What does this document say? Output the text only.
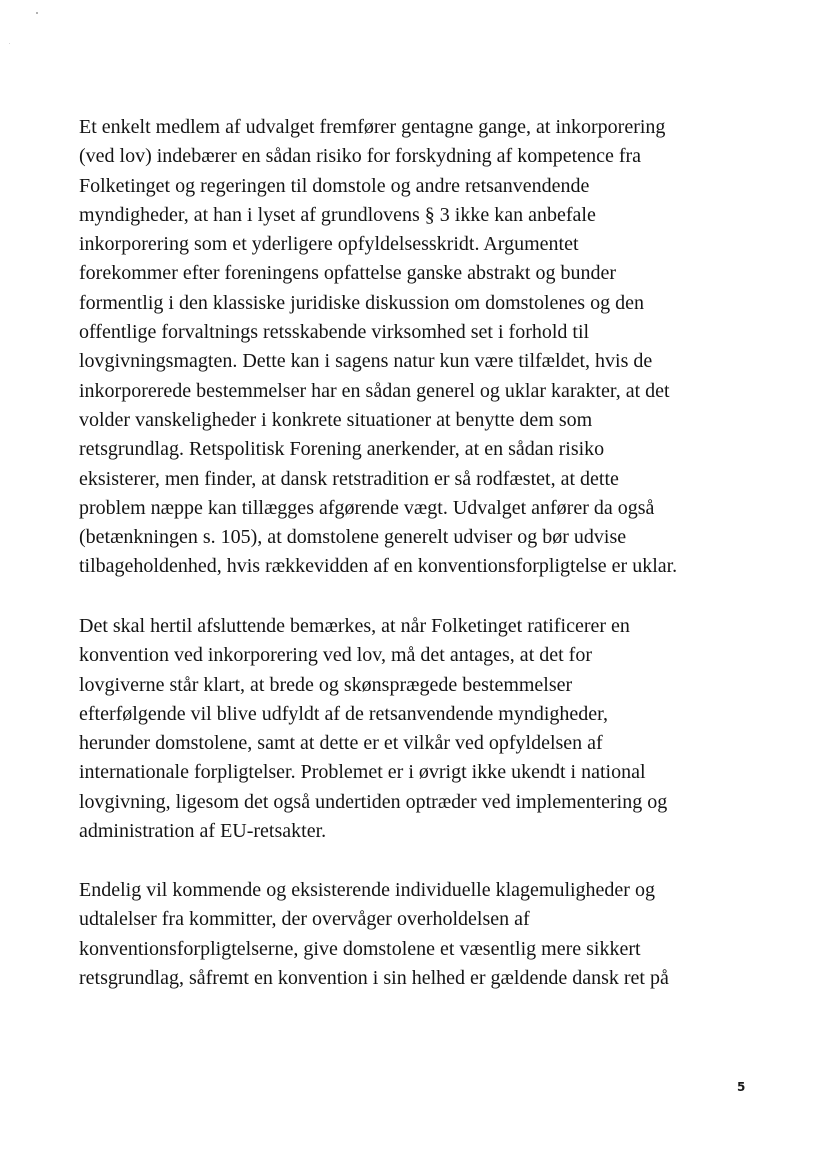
Et enkelt medlem af udvalget fremfører gentagne gange, at inkorporering
(ved lov) indebærer en sådan risiko for forskydning af kompetence fra
Folketinget og regeringen til domstole og andre retsanvendende
myndigheder, at han i lyset af grundlovens § 3 ikke kan anbefale
inkorporering som et yderligere opfyldelsesskridt. Argumentet
forekommer efter foreningens opfattelse ganske abstrakt og bunder
formentlig i den klassiske juridiske diskussion om domstolenes og den
offentlige forvaltnings retsskabende virksomhed set i forhold til
lovgivningsmagten. Dette kan i sagens natur kun være tilfældet, hvis de
inkorporerede bestemmelser har en sådan generel og uklar karakter, at det
volder vanskeligheder i konkrete situationer at benytte dem som
retsgrundlag. Retspolitisk Forening anerkender, at en sådan risiko
eksisterer, men finder, at dansk retstradition er så rodfæstet, at dette
problem næppe kan tillægges afgørende vægt. Udvalget anfører da også
(betænkningen s. 105), at domstolene generelt udviser og bør udvise
tilbageholdenhed, hvis rækkevidden af en konventionsforpligtelse er uklar.
Det skal hertil afsluttende bemærkes, at når Folketinget ratificerer en
konvention ved inkorporering ved lov, må det antages, at det for
lovgiverne står klart, at brede og skønsprægede bestemmelser
efterfølgende vil blive udfyldt af de retsanvendende myndigheder,
herunder domstolene, samt at dette er et vilkår ved opfyldelsen af
internationale forpligtelser. Problemet er i øvrigt ikke ukendt i national
lovgivning, ligesom det også undertiden optræder ved implementering og
administration af EU-retsakter.
Endelig vil kommende og eksisterende individuelle klagemuligheder og
udtalelser fra kommitter, der overvåger overholdelsen af
konventionsforpligtelserne, give domstolene et væsentlig mere sikkert
retsgrundlag, såfremt en konvention i sin helhed er gældende dansk ret på
5
